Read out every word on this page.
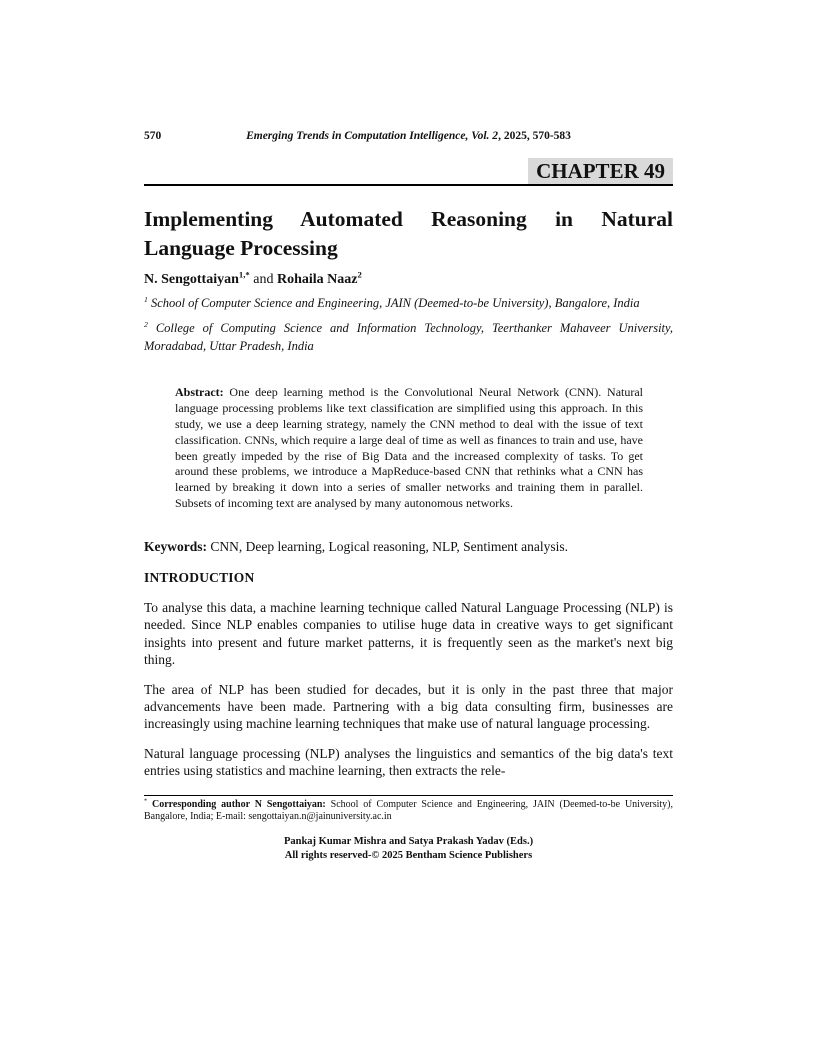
570	Emerging Trends in Computation Intelligence, Vol. 2, 2025, 570-583
CHAPTER 49
Implementing Automated Reasoning in Natural Language Processing

N. Sengottaiyan$^{1,*}$ and Rohaila Naaz$^2$

$^1$ School of Computer Science and Engineering, JAIN (Deemed-to-be University), Bangalore, India

$^2$ College of Computing Science and Information Technology, Teerthanker Mahaveer University, Moradabad, Uttar Pradesh, India

Abstract: One deep learning method is the Convolutional Neural Network (CNN). Natural language processing problems like text classification are simplified using this approach. In this study, we use a deep learning strategy, namely the CNN method to deal with the issue of text classification. CNNs, which require a large deal of time as well as finances to train and use, have been greatly impeded by the rise of Big Data and the increased complexity of tasks. To get around these problems, we introduce a MapReduce-based CNN that rethinks what a CNN has learned by breaking it down into a series of smaller networks and training them in parallel. Subsets of incoming text are analysed by many autonomous networks.

Keywords: CNN, Deep learning, Logical reasoning, NLP, Sentiment analysis.

INTRODUCTION

To analyse this data, a machine learning technique called Natural Language Processing (NLP) is needed. Since NLP enables companies to utilise huge data in creative ways to get significant insights into present and future market patterns, it is frequently seen as the market's next big thing.

The area of NLP has been studied for decades, but it is only in the past three that major advancements have been made. Partnering with a big data consulting firm, businesses are increasingly using machine learning techniques that make use of natural language processing.

Natural language processing (NLP) analyses the linguistics and semantics of the big data's text entries using statistics and machine learning, then extracts the rele-

* Corresponding author N Sengottaiyan: School of Computer Science and Engineering, JAIN (Deemed-to-be University), Bangalore, India; E-mail: sengottaiyan.n@jainuniversity.ac.in

Pankaj Kumar Mishra and Satya Prakash Yadav (Eds.)
All rights reserved-© 2025 Bentham Science Publishers
